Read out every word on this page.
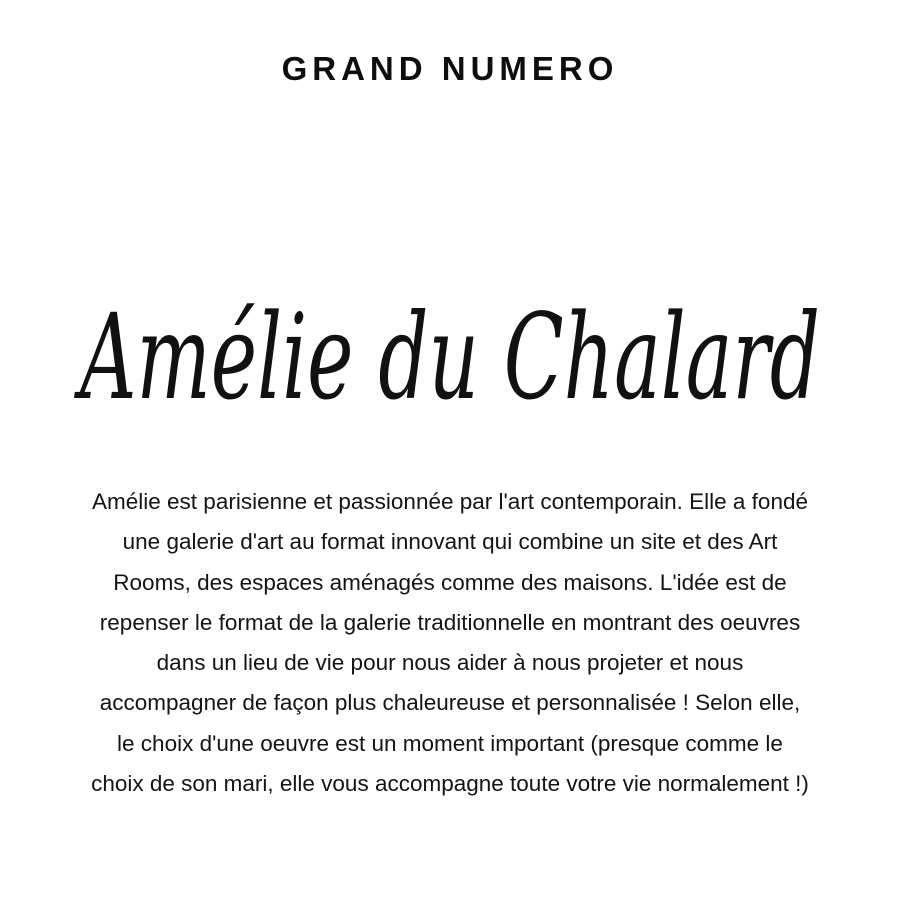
GRAND NUMERO
Amélie du Chalard

Amélie est parisienne et passionnée par l'art contemporain. Elle a fondé une galerie d'art au format innovant qui combine un site et des Art Rooms, des espaces aménagés comme des maisons. L'idée est de repenser le format de la galerie traditionnelle en montrant des oeuvres dans un lieu de vie pour nous aider à nous projeter et nous accompagner de façon plus chaleureuse et personnalisée ! Selon elle, le choix d'une oeuvre est un moment important (presque comme le choix de son mari, elle vous accompagne toute votre vie normalement !)
